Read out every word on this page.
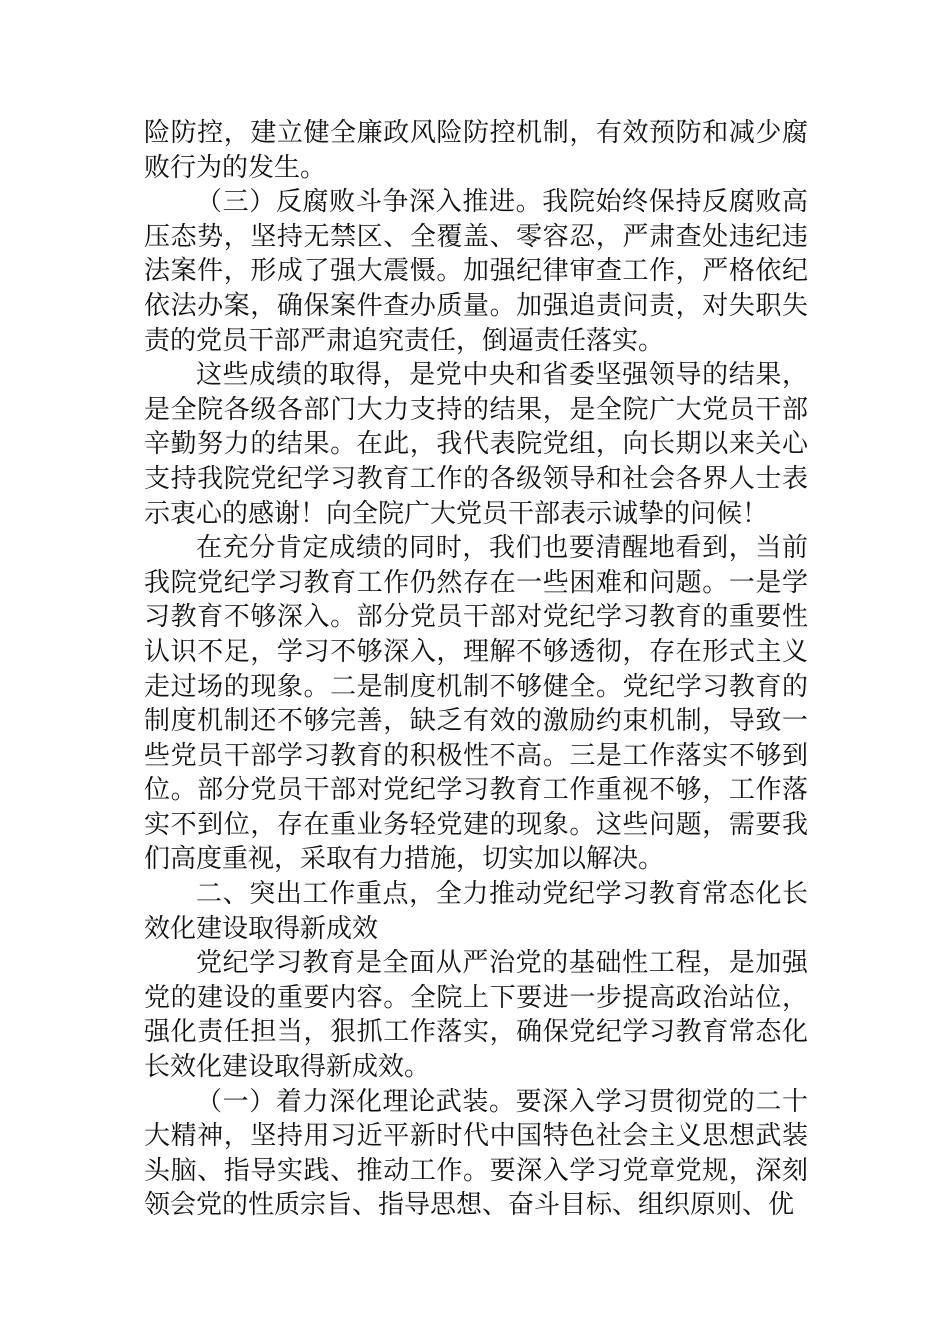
险防控，建立健全廉政风险防控机制，有效预防和减少腐败行为的发生。

（三）反腐败斗争深入推进。我院始终保持反腐败高压态势，坚持无禁区、全覆盖、零容忍，严肃查处违纪违法案件，形成了强大震慑。加强纪律审查工作，严格依纪依法办案，确保案件查办质量。加强追责问责，对失职失责的党员干部严肃追究责任，倒逼责任落实。

这些成绩的取得，是党中央和省委坚强领导的结果，是全院各级各部门大力支持的结果，是全院广大党员干部辛勤努力的结果。在此，我代表院党组，向长期以来关心支持我院党纪学习教育工作的各级领导和社会各界人士表示衷心的感谢！向全院广大党员干部表示诚挚的问候！

在充分肯定成绩的同时，我们也要清醒地看到，当前我院党纪学习教育工作仍然存在一些困难和问题。一是学习教育不够深入。部分党员干部对党纪学习教育的重要性认识不足，学习不够深入，理解不够透彻，存在形式主义走过场的现象。二是制度机制不够健全。党纪学习教育的制度机制还不够完善，缺乏有效的激励约束机制，导致一些党员干部学习教育的积极性不高。三是工作落实不够到位。部分党员干部对党纪学习教育工作重视不够，工作落实不到位，存在重业务轻党建的现象。这些问题，需要我们高度重视，采取有力措施，切实加以解决。

二、突出工作重点，全力推动党纪学习教育常态化长效化建设取得新成效

党纪学习教育是全面从严治党的基础性工程，是加强党的建设的重要内容。全院上下要进一步提高政治站位，强化责任担当，狠抓工作落实，确保党纪学习教育常态化长效化建设取得新成效。

（一）着力深化理论武装。要深入学习贯彻党的二十大精神，坚持用习近平新时代中国特色社会主义思想武装头脑、指导实践、推动工作。要深入学习党章党规，深刻领会党的性质宗旨、指导思想、奋斗目标、组织原则、优
